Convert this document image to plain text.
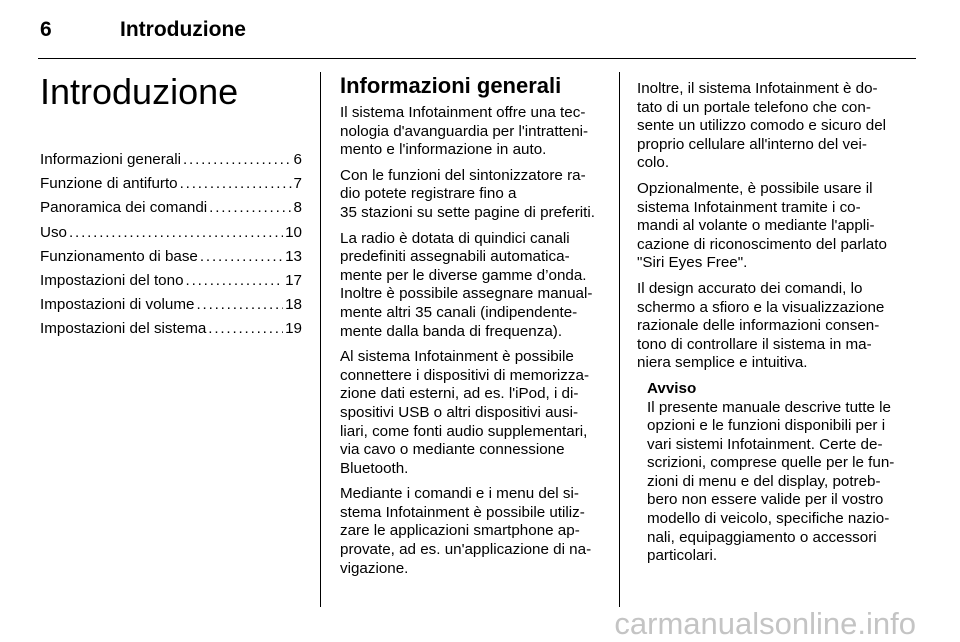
6	Introduzione
Introduzione
Informazioni generali . . .	6
Funzione di antifurto . . .	7
Panoramica dei comandi . . .	8
Uso . . .	10
Funzionamento di base . . .	13
Impostazioni del tono . . .	17
Impostazioni di volume . . .	18
Impostazioni del sistema . . .	19
Informazioni generali

Il sistema Infotainment offre una tec-
nologia d'avanguardia per l'intratteni-
mento e l'informazione in auto.

Con le funzioni del sintonizzatore ra-
dio potete registrare fino a
35 stazioni su sette pagine di preferiti.

La radio è dotata di quindici canali
predefiniti assegnabili automatica-
mente per le diverse gamme d’onda.
Inoltre è possibile assegnare manual-
mente altri 35 canali (indipendente-
mente dalla banda di frequenza).

Al sistema Infotainment è possibile
connettere i dispositivi di memorizza-
zione dati esterni, ad es. l'iPod, i di-
spositivi USB o altri dispositivi ausi-
liari, come fonti audio supplementari,
via cavo o mediante connessione
Bluetooth.

Mediante i comandi e i menu del si-
stema Infotainment è possibile utiliz-
zare le applicazioni smartphone ap-
provate, ad es. un'applicazione di na-
vigazione.

Inoltre, il sistema Infotainment è do-
tato di un portale telefono che con-
sente un utilizzo comodo e sicuro del
proprio cellulare all'interno del vei-
colo.

Opzionalmente, è possibile usare il
sistema Infotainment tramite i co-
mandi al volante o mediante l'appli-
cazione di riconoscimento del parlato
"Siri Eyes Free".

Il design accurato dei comandi, lo
schermo a sfioro e la visualizzazione
razionale delle informazioni consen-
tono di controllare il sistema in ma-
niera semplice e intuitiva.

Avviso
Il presente manuale descrive tutte le
opzioni e le funzioni disponibili per i
vari sistemi Infotainment. Certe de-
scrizioni, comprese quelle per le fun-
zioni di menu e del display, potreb-
bero non essere valide per il vostro
modello di veicolo, specifiche nazio-
nali, equipaggiamento o accessori
particolari.
carmanualsonline.info
